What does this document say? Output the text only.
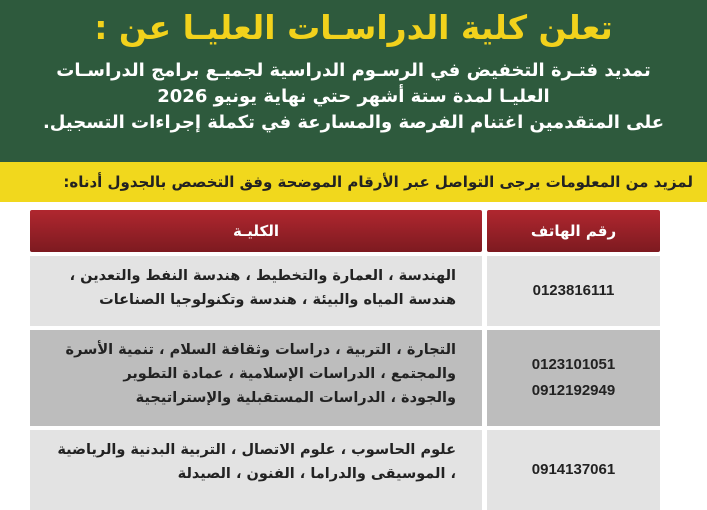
تعلن كلية الدراسـات العليـا عن :
تمديد فتـرة التخفيض في الرسـوم الدراسية لجميـع برامج الدراسـات
العليـا لمدة ستة أشهر حتي نهاية يونيو 2026
على المتقدمين اغتنام الفرصة والمسارعة في تكملة إجراءات التسجيل.
لمزيد من المعلومات يرجى التواصل عبر الأرقام الموضحة وفق التخصص بالجدول أدناه:
الكليـة	رقم الهاتف
الهندسة ، العمارة والتخطيط ، هندسة النفط والتعدين ،
هندسة المياه والبيئة ، هندسة وتكنولوجيا الصناعات
0123816111
التجارة ، التربية ، دراسات وثقافة السلام ، تنمية الأسرة
والمجتمع ، الدراسات الإسلامية ، عمادة التطوير
والجودة ، الدراسات المستقبلية والإستراتيجية
0123101051
0912192949
علوم الحاسوب ، علوم الاتصال ، التربية البدنية والرياضية
، الموسيقى والدراما ، الفنون ، الصيدلة	0914137061
